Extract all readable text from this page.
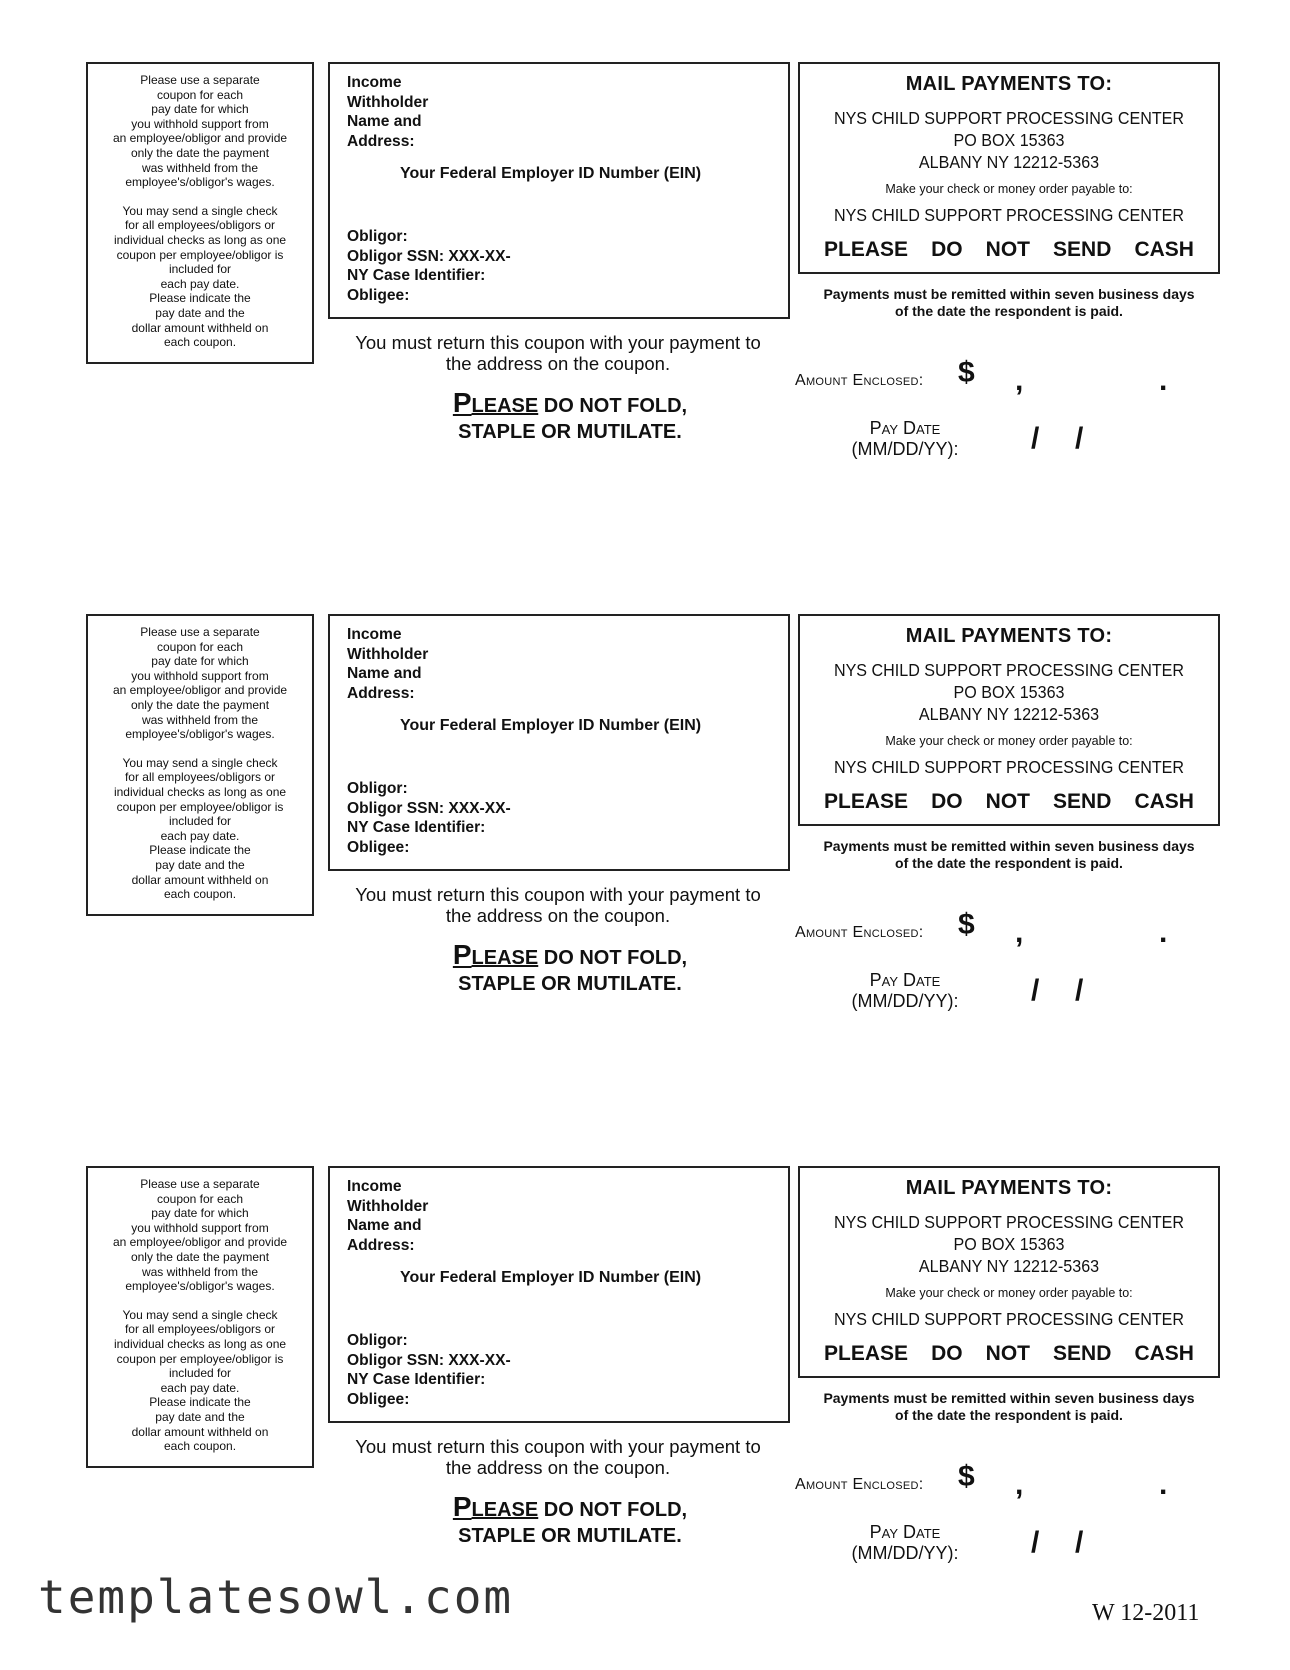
Please use a separate
coupon for each
pay date for which
you withhold support from
an employee/obligor and provide
only the date the payment
was withheld from the
employee's/obligor's wages.

You may send a single check
for all employees/obligors or
individual checks as long as one
coupon per employee/obligor is
included for
each pay date.
Please indicate the
pay date and the
dollar amount withheld on
each coupon.

Income
Withholder
Name and
Address:
Your Federal Employer ID Number (EIN)
Obligor:
Obligor SSN: XXX-XX-
NY Case Identifier:
Obligee:
MAIL PAYMENTS TO:
NYS CHILD SUPPORT PROCESSING CENTER
PO BOX 15363
ALBANY NY 12212-5363
Make your check or money order payable to:
NYS CHILD SUPPORT PROCESSING CENTER
PLEASE DO NOT SEND CASH
Payments must be remitted within seven business days
of the date the respondent is paid.
You must return this coupon with your payment to
the address on the coupon.
PLEASE DO NOT FOLD,
STAPLE OR MUTILATE.
Amount Enclosed: $ ,	.
Pay Date
(MM/DD/YY):	/ /

Please use a separate
coupon for each
pay date for which
you withhold support from
an employee/obligor and provide
only the date the payment
was withheld from the
employee's/obligor's wages.

You may send a single check
for all employees/obligors or
individual checks as long as one
coupon per employee/obligor is
included for
each pay date.
Please indicate the
pay date and the
dollar amount withheld on
each coupon.

Income
Withholder
Name and
Address:
Your Federal Employer ID Number (EIN)
Obligor:
Obligor SSN: XXX-XX-
NY Case Identifier:
Obligee:
MAIL PAYMENTS TO:
NYS CHILD SUPPORT PROCESSING CENTER
PO BOX 15363
ALBANY NY 12212-5363
Make your check or money order payable to:
NYS CHILD SUPPORT PROCESSING CENTER
PLEASE DO NOT SEND CASH
Payments must be remitted within seven business days
of the date the respondent is paid.
You must return this coupon with your payment to
the address on the coupon.
PLEASE DO NOT FOLD,
STAPLE OR MUTILATE.
Amount Enclosed: $ ,	.
Pay Date
(MM/DD/YY):	/ /

Please use a separate
coupon for each
pay date for which
you withhold support from
an employee/obligor and provide
only the date the payment
was withheld from the
employee's/obligor's wages.

You may send a single check
for all employees/obligors or
individual checks as long as one
coupon per employee/obligor is
included for
each pay date.
Please indicate the
pay date and the
dollar amount withheld on
each coupon.

Income
Withholder
Name and
Address:
Your Federal Employer ID Number (EIN)
Obligor:
Obligor SSN: XXX-XX-
NY Case Identifier:
Obligee:
MAIL PAYMENTS TO:
NYS CHILD SUPPORT PROCESSING CENTER
PO BOX 15363
ALBANY NY 12212-5363
Make your check or money order payable to:
NYS CHILD SUPPORT PROCESSING CENTER
PLEASE DO NOT SEND CASH
Payments must be remitted within seven business days
of the date the respondent is paid.
You must return this coupon with your payment to
the address on the coupon.
PLEASE DO NOT FOLD,
STAPLE OR MUTILATE.
Amount Enclosed: $ ,	.
Pay Date
(MM/DD/YY):	/ /
templatesowl.com	W 12-2011
